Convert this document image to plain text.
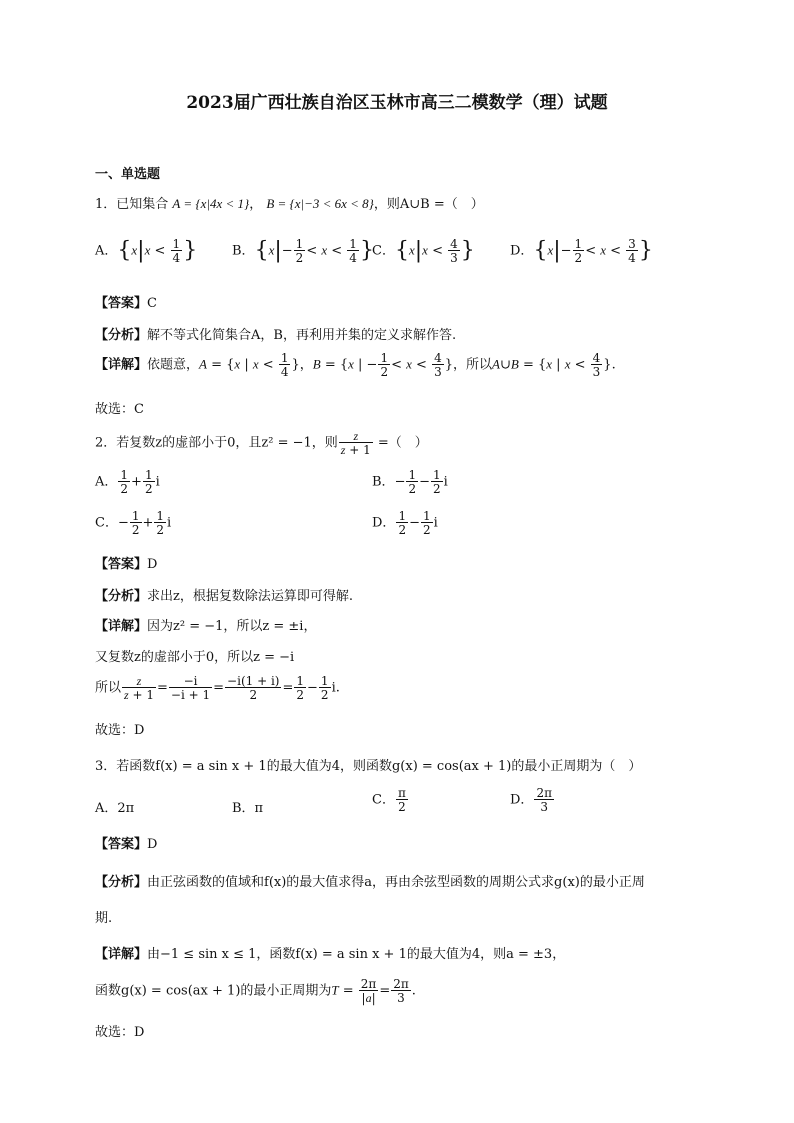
2023届广西壮族自治区玉林市高三二模数学（理）试题
一、单选题
1．已知集合 A = {x|4x < 1}， B = {x|−3 < 6x < 8}，则A∪B =（　）
A．{$x|x < \frac{1}{4}$ }	B．{$x|- \frac{1}{2} < x < \frac{1}{4}$ }
C．{$x|x < \frac{4}{3}$ }	D．{$x|- \frac{1}{2} < x < \frac{3}{4}$ }
【答案】C
【分析】解不等式化简集合A，B，再利用并集的定义求解作答.
【详解】依题意，A = {x | $x < \frac{1}{4}$ }，B = {x | − $\frac{1}{2} < x < \frac{4}{3}$ }，所以A∪B = {x | $x < \frac{4}{3}$ }.
故选：C
2．若复数z的虚部小于0，且z² = −1，则 $\frac{z}{z + 1}$ =（　）
A． $\frac{1}{2} + \frac{1}{2}$ i	B．− $\frac{1}{2} - \frac{1}{2}$ i
C．− $\frac{1}{2} + \frac{1}{2}$ i	D． $\frac{1}{2} - \frac{1}{2}$ i
【答案】D
【分析】求出z，根据复数除法运算即可得解.
【详解】因为z² = −1，所以z = ±i，
又复数z的虚部小于0，所以z = −i
所以 $\frac{z}{z + 1} = \frac{-i}{-i + 1} = \frac{-i(1 + i)}{2} = \frac{1}{2} - \frac{1}{2} i$.
故选：D
3．若函数f(x) = a sin x + 1的最大值为4，则函数g(x) = cos(ax + 1)的最小正周期为（　）
A．2π	B．π
C． $\frac{\pi}{2}$	D． $\frac{2\pi}{3}$
【答案】D
【分析】由正弦函数的值域和f(x)的最大值求得a，再由余弦型函数的周期公式求g(x)的最小正周
期.
【详解】由−1 ≤ sin x ≤ 1，函数f(x) = a sin x + 1的最大值为4，则a = ±3，
函数g(x) = cos(ax + 1)的最小正周期为$T = \frac{2\pi}{|a|} = \frac{2\pi}{3}$ .
故选：D
